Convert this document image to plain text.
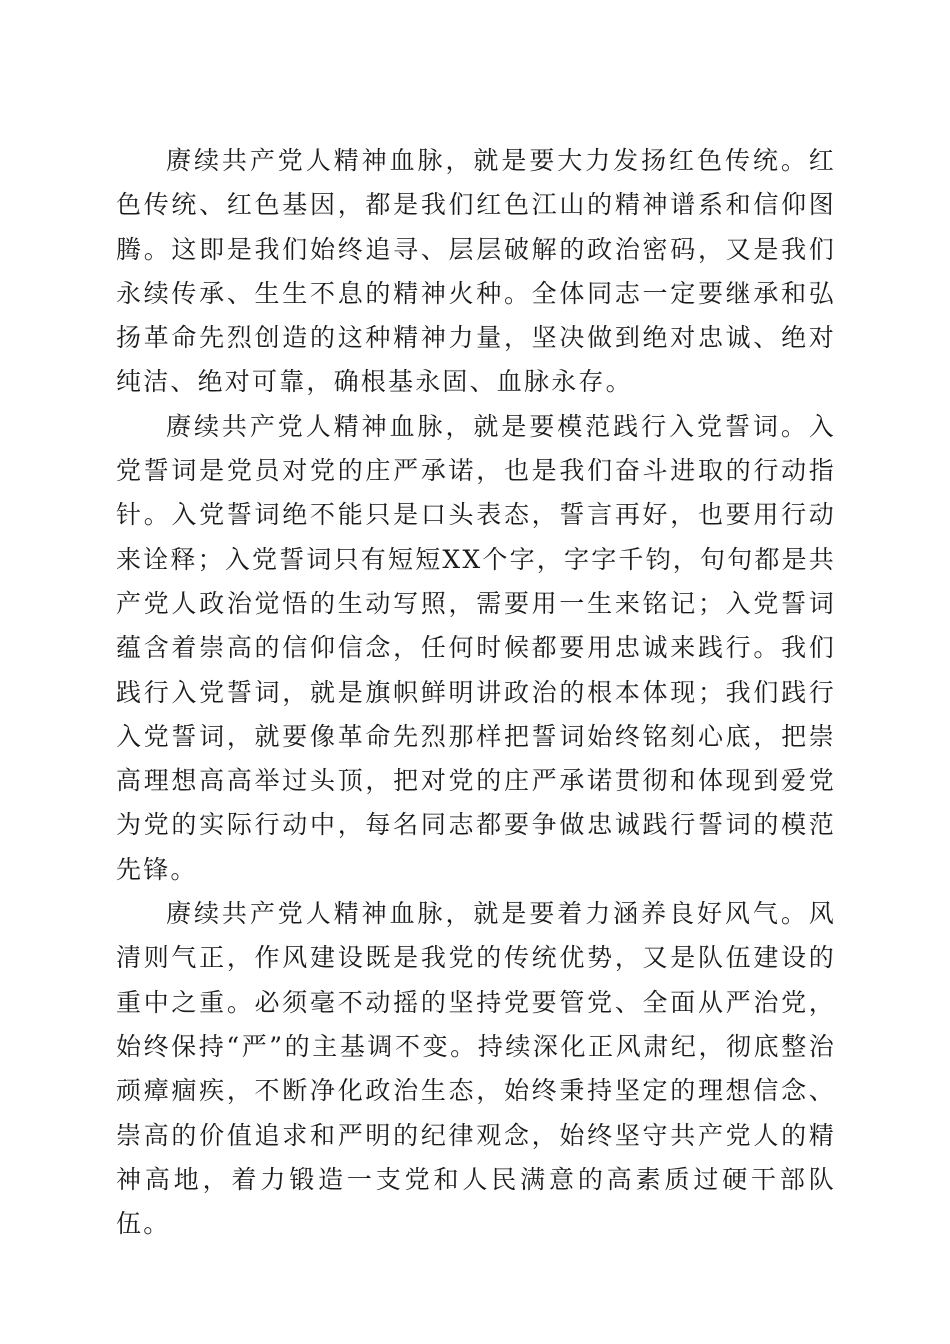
赓续共产党人精神血脉，就是要大力发扬红色传统。红色传统、红色基因，都是我们红色江山的精神谱系和信仰图腾。这即是我们始终追寻、层层破解的政治密码，又是我们永续传承、生生不息的精神火种。全体同志一定要继承和弘扬革命先烈创造的这种精神力量，坚决做到绝对忠诚、绝对纯洁、绝对可靠，确根基永固、血脉永存。

赓续共产党人精神血脉，就是要模范践行入党誓词。入党誓词是党员对党的庄严承诺，也是我们奋斗进取的行动指针。入党誓词绝不能只是口头表态，誓言再好，也要用行动来诠释；入党誓词只有短短XX个字，字字千钧，句句都是共产党人政治觉悟的生动写照，需要用一生来铭记；入党誓词蕴含着崇高的信仰信念，任何时候都要用忠诚来践行。我们践行入党誓词，就是旗帜鲜明讲政治的根本体现；我们践行入党誓词，就要像革命先烈那样把誓词始终铭刻心底，把崇高理想高高举过头顶，把对党的庄严承诺贯彻和体现到爱党为党的实际行动中，每名同志都要争做忠诚践行誓词的模范先锋。

赓续共产党人精神血脉，就是要着力涵养良好风气。风清则气正，作风建设既是我党的传统优势，又是队伍建设的重中之重。必须毫不动摇的坚持党要管党、全面从严治党，始终保持“严”的主基调不变。持续深化正风肃纪，彻底整治顽瘴痼疾，不断净化政治生态，始终秉持坚定的理想信念、崇高的价值追求和严明的纪律观念，始终坚守共产党人的精神高地，着力锻造一支党和人民满意的高素质过硬干部队伍。
